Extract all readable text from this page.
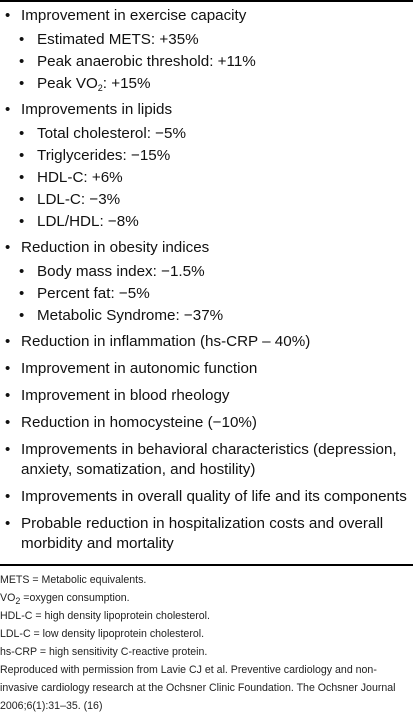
• Improvement in exercise capacity
• Estimated METS: +35%
• Peak anaerobic threshold: +11%
• Peak $VO_2$: +15%
• Improvements in lipids
• Total cholesterol: −5%
• Triglycerides: −15%
• HDL-C: +6%
• LDL-C: −3%
• LDL/HDL: −8%
• Reduction in obesity indices
• Body mass index: −1.5%
• Percent fat: −5%
• Metabolic Syndrome: −37%
• Reduction in inflammation (hs-CRP – 40%)
• Improvement in autonomic function
• Improvement in blood rheology
• Reduction in homocysteine (−10%)
• Improvements in behavioral characteristics (depression, anxiety, somatization, and hostility)
• Improvements in overall quality of life and its components
• Probable reduction in hospitalization costs and overall morbidity and mortality
METS = Metabolic equivalents.
$VO_2$ =oxygen consumption.
HDL-C = high density lipoprotein cholesterol.
LDL-C = low density lipoprotein cholesterol.
hs-CRP = high sensitivity C-reactive protein.
Reproduced with permission from Lavie CJ et al. Preventive cardiology and non-invasive cardiology research at the Ochsner Clinic Foundation. The Ochsner Journal 2006;6(1):31–35. (16)
